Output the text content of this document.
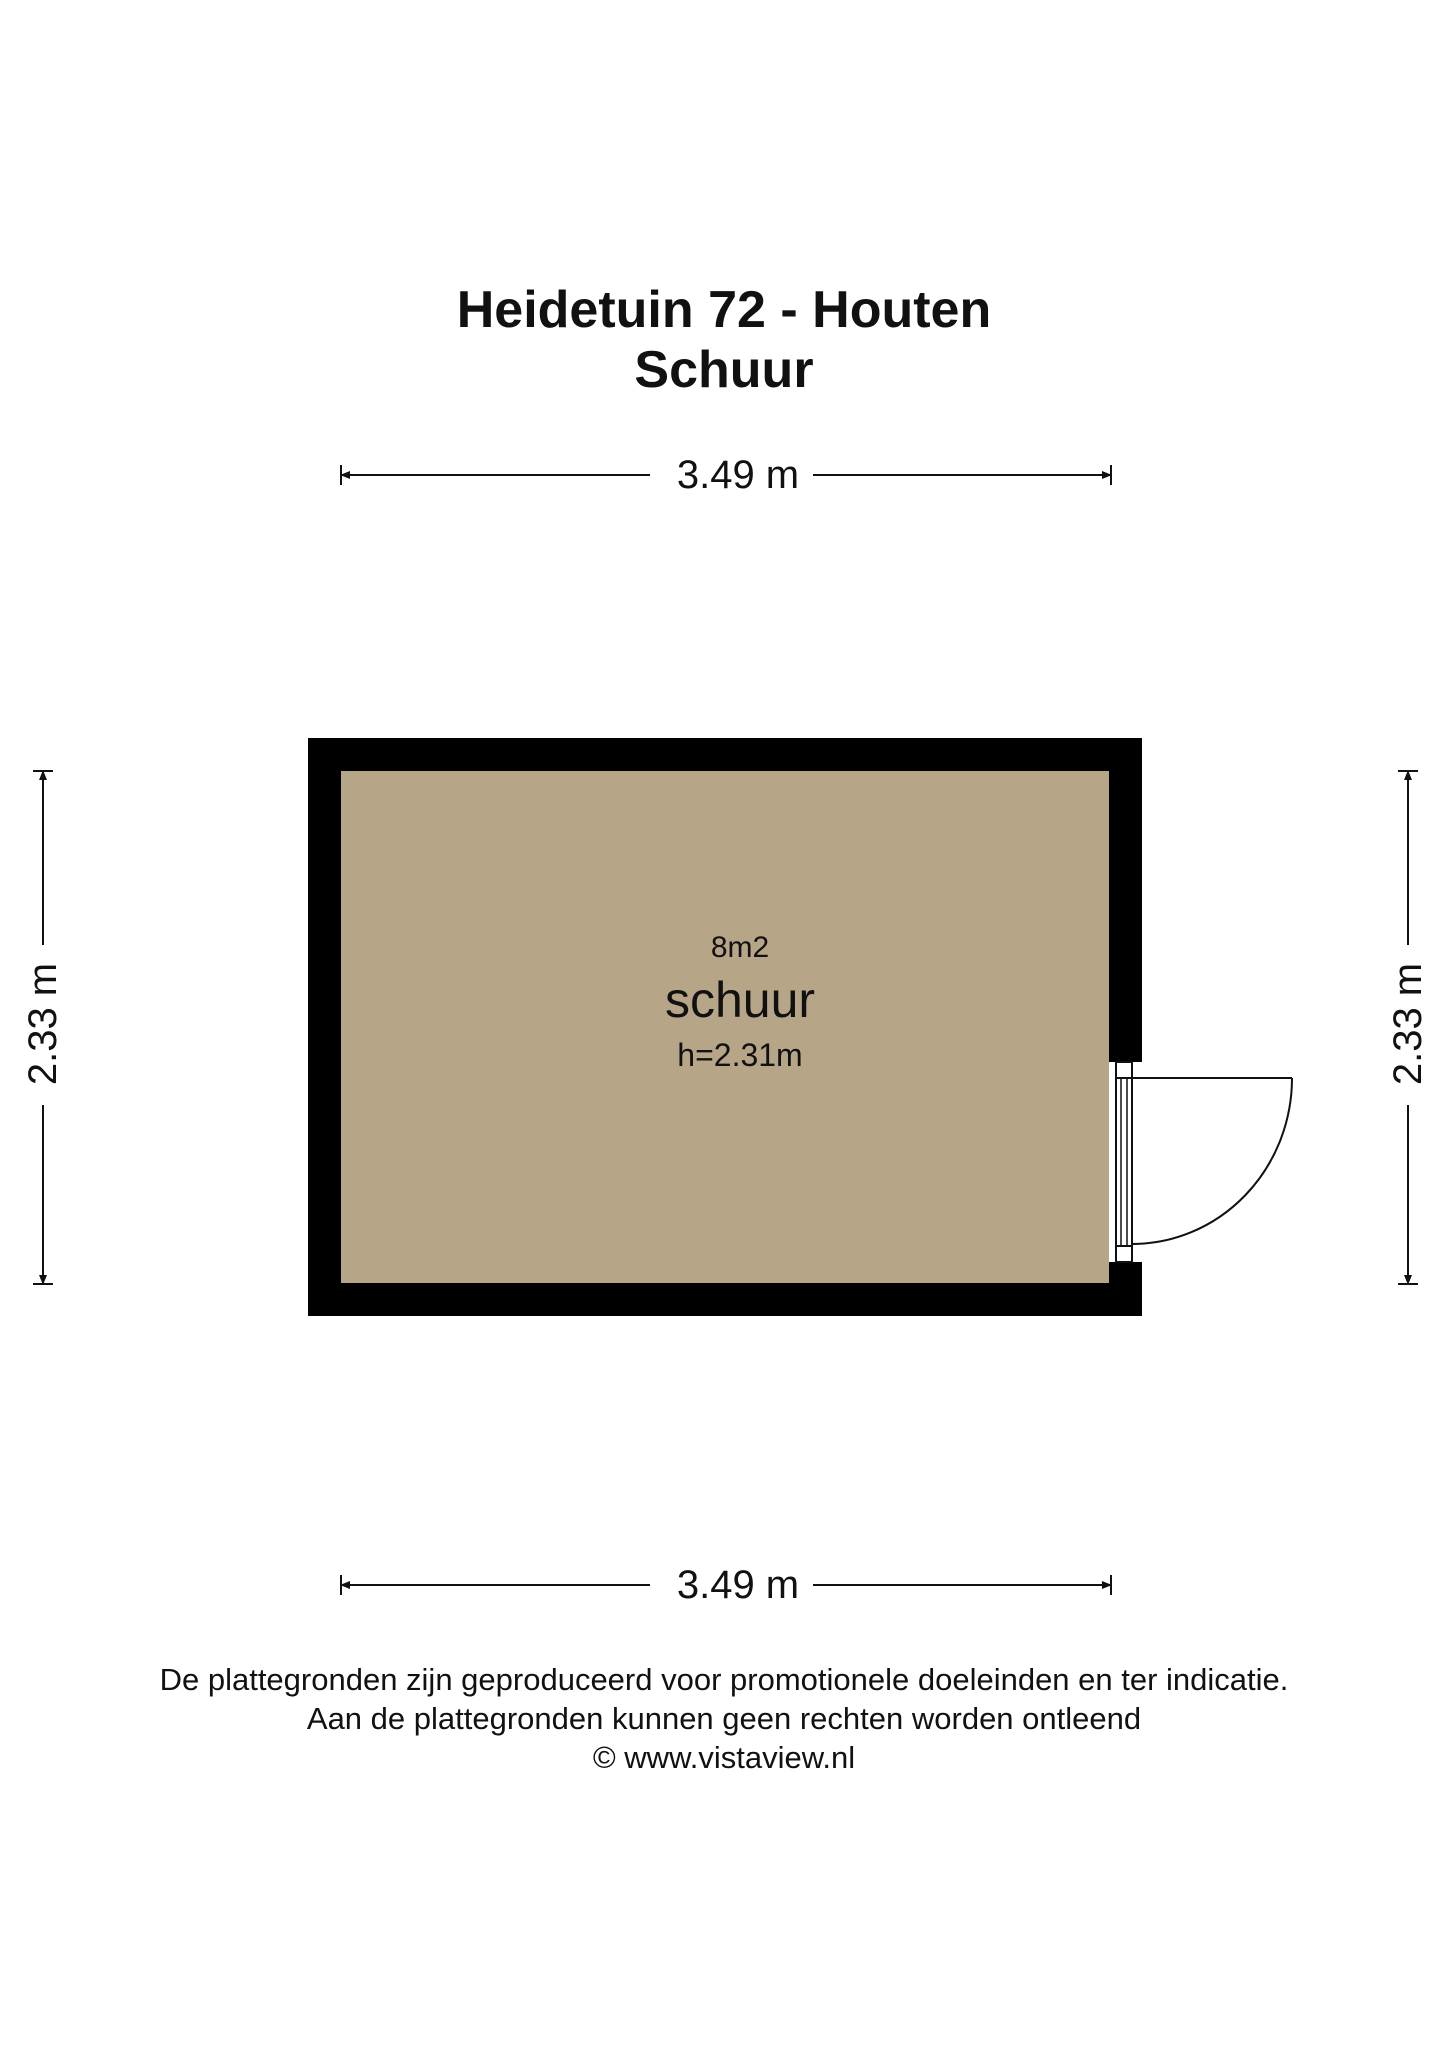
Heidetuin 72 - Houten
Schuur
3.49 m
3.49 m
2.33 m	2.33 m
8m2
schuur
h=2.31m
De plattegronden zijn geproduceerd voor promotionele doeleinden en ter indicatie.
Aan de plattegronden kunnen geen rechten worden ontleend
© www.vistaview.nl
